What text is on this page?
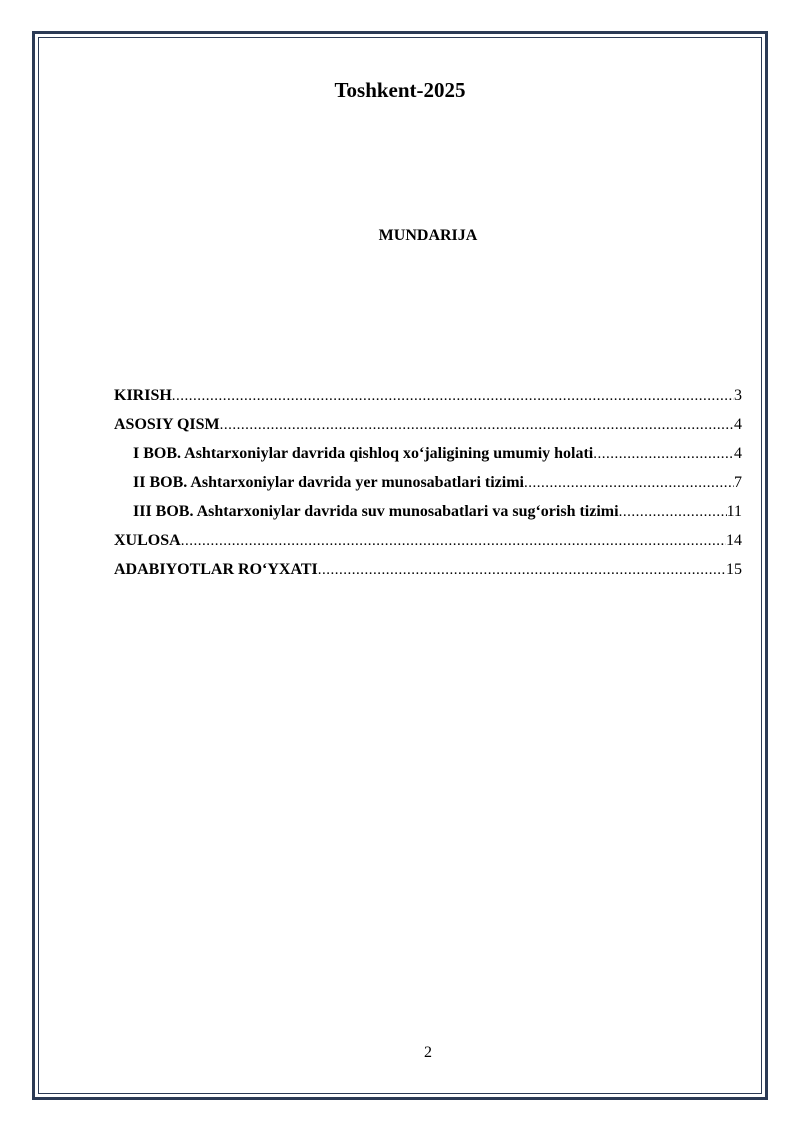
Toshkent-2025

MUNDARIJA

KIRISH .....	3
ASOSIY QISM .....	4
I BOB. Ashtarxoniylar davrida qishloq xo‘jaligining umumiy holati .....	4
II BOB. Ashtarxoniylar davrida yer munosabatlari tizimi .....	7
III BOB. Ashtarxoniylar davrida suv munosabatlari va sug‘orish tizimi .....	11
XULOSA .....	14
ADABIYOTLAR RO‘YXATI .....	15

2
